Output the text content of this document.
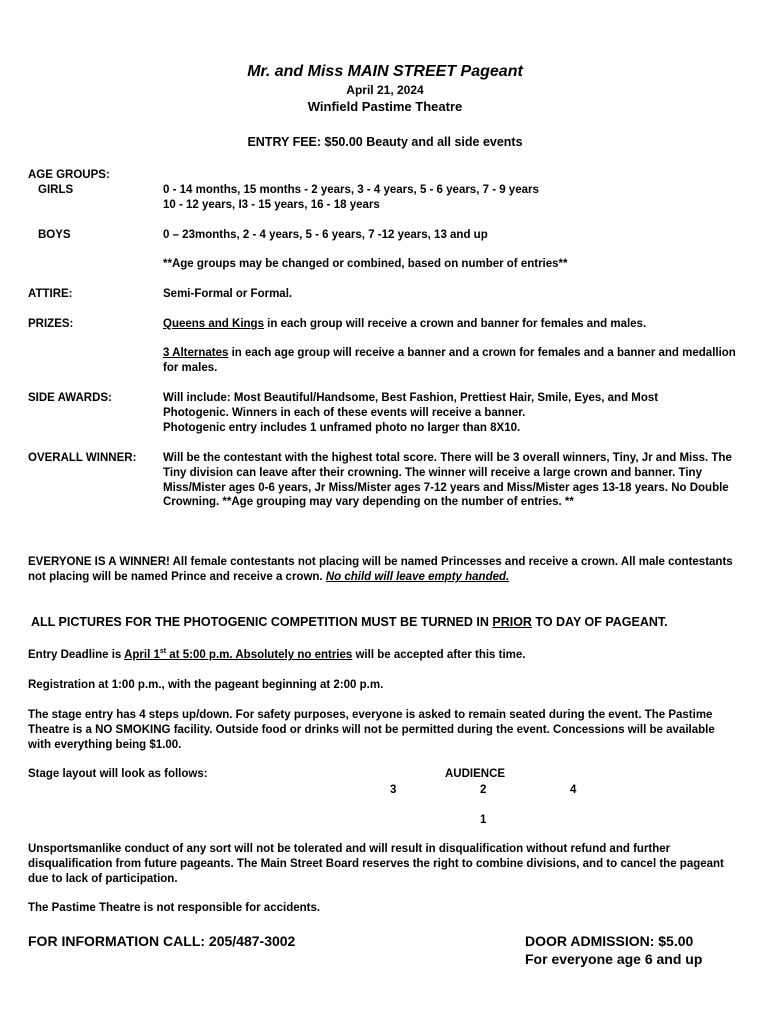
Mr. and Miss MAIN STREET Pageant
April 21, 2024
Winfield Pastime Theatre
ENTRY FEE: $50.00 Beauty and all side events
AGE GROUPS:
GIRLS	0 - 14 months, 15 months - 2 years, 3 - 4 years, 5 - 6 years, 7 - 9 years
10 - 12 years, I3 - 15 years, 16 - 18 years
BOYS	0 – 23months, 2 - 4 years, 5 - 6 years, 7 -12 years, 13 and up
**Age groups may be changed or combined, based on number of entries**
ATTIRE:	Semi-Formal or Formal.
PRIZES:	Queens and Kings in each group will receive a crown and banner for females and males.
3 Alternates in each age group will receive a banner and a crown for females and a banner and medallion for males.
SIDE AWARDS:	Will include: Most Beautiful/Handsome, Best Fashion, Prettiest Hair, Smile, Eyes, and Most Photogenic. Winners in each of these events will receive a banner.
Photogenic entry includes 1 unframed photo no larger than 8X10.
OVERALL WINNER: Will be the contestant with the highest total score. There will be 3 overall winners, Tiny, Jr and Miss. The Tiny division can leave after their crowning. The winner will receive a large crown and banner. Tiny Miss/Mister ages 0-6 years, Jr Miss/Mister ages 7-12 years and Miss/Mister ages 13-18 years. No Double Crowning. **Age grouping may vary depending on the number of entries. **
EVERYONE IS A WINNER! All female contestants not placing will be named Princesses and receive a crown. All male contestants not placing will be named Prince and receive a crown. No child will leave empty handed.
ALL PICTURES FOR THE PHOTOGENIC COMPETITION MUST BE TURNED IN PRIOR TO DAY OF PAGEANT.
Entry Deadline is April 1st at 5:00 p.m. Absolutely no entries will be accepted after this time.
Registration at 1:00 p.m., with the pageant beginning at 2:00 p.m.
The stage entry has 4 steps up/down. For safety purposes, everyone is asked to remain seated during the event. The Pastime Theatre is a NO SMOKING facility. Outside food or drinks will not be permitted during the event. Concessions will be available with everything being $1.00.
Stage layout will look as follows:	AUDIENCE
3	2	4
1
Unsportsmanlike conduct of any sort will not be tolerated and will result in disqualification without refund and further disqualification from future pageants. The Main Street Board reserves the right to combine divisions, and to cancel the pageant due to lack of participation.
The Pastime Theatre is not responsible for accidents.
FOR INFORMATION CALL: 205/487-3002	DOOR ADMISSION: $5.00
For everyone age 6 and up
